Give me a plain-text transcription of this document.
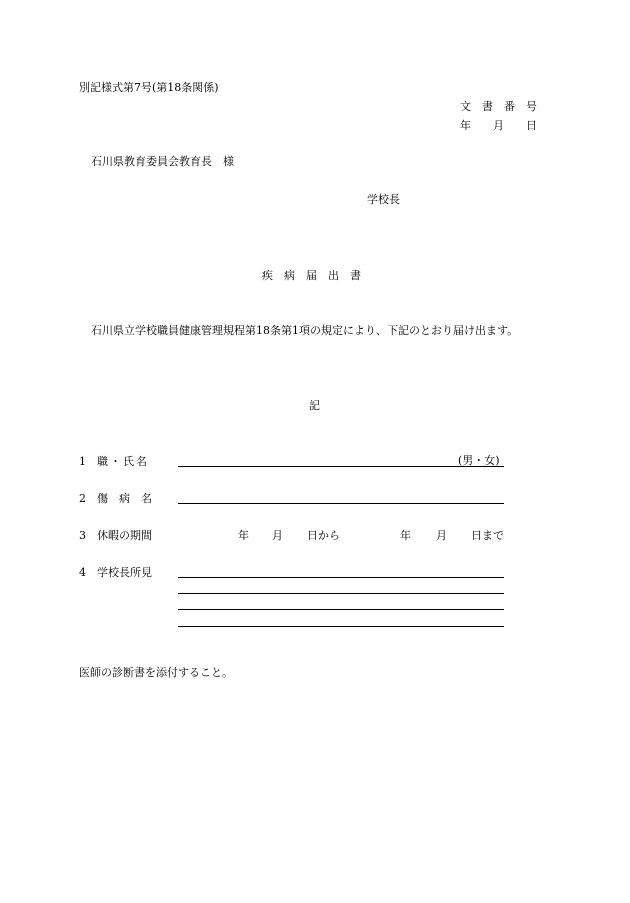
別記様式第7号(第18条関係)
文　書　番　号
年　　月　　日
石川県教育委員会教育長　様
学校長
疾　病　届　出　書
石川県立学校職員健康管理規程第18条第1項の規定により、下記のとおり届け出ます。
記
1 職・氏名	(男・女)
2 傷　病　名
3 休暇の期間	年 月 日から	年 月 日まで
4 学校長所見
医師の診断書を添付すること。
